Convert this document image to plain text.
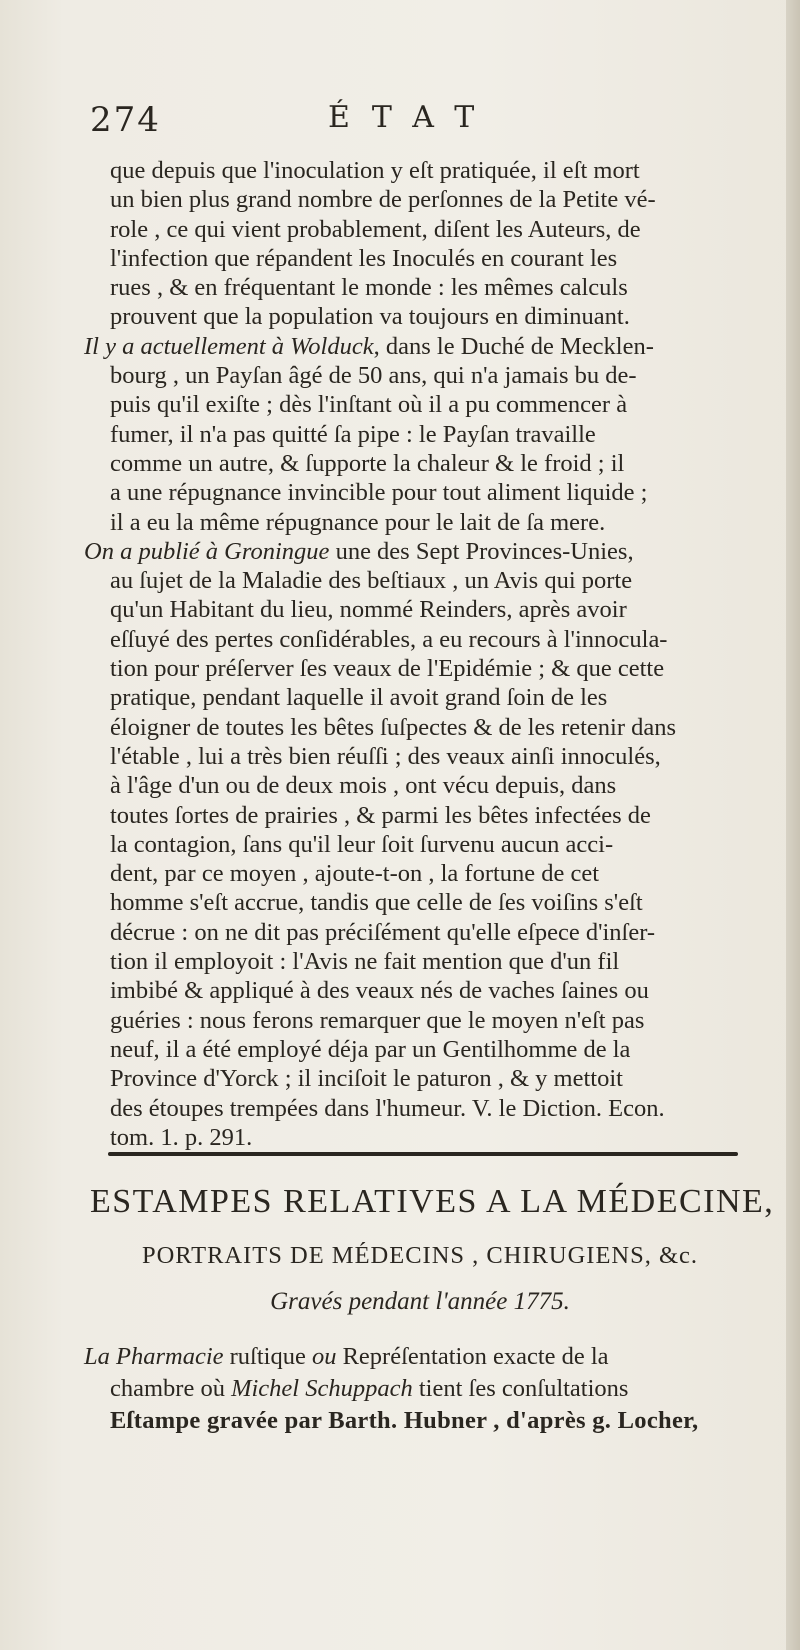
274	ÉTAT
que depuis que l'inoculation y eſt pratiquée, il eſt mort
un bien plus grand nombre de perſonnes de la Petite vé-
role , ce qui vient probablement, diſent les Auteurs, de
l'infection que répandent les Inoculés en courant les
rues , & en fréquentant le monde : les mêmes calculs
prouvent que la population va toujours en diminuant.
Il y a actuellement à Wolduck, dans le Duché de Mecklen-
bourg , un Payſan âgé de 50 ans, qui n'a jamais bu de-
puis qu'il exiſte ; dès l'inſtant où il a pu commencer à
fumer, il n'a pas quitté ſa pipe : le Payſan travaille
comme un autre, & ſupporte la chaleur & le froid ; il
a une répugnance invincible pour tout aliment liquide ;
il a eu la même répugnance pour le lait de ſa mere.
On a publié à Groningue une des Sept Provinces-Unies,
au ſujet de la Maladie des beſtiaux , un Avis qui porte
qu'un Habitant du lieu, nommé Reinders, après avoir
eſſuyé des pertes conſidérables, a eu recours à l'innocula-
tion pour préſerver ſes veaux de l'Epidémie ; & que cette
pratique, pendant laquelle il avoit grand ſoin de les
éloigner de toutes les bêtes ſuſpectes & de les retenir dans
l'étable , lui a très bien réuſſi ; des veaux ainſi innoculés,
à l'âge d'un ou de deux mois , ont vécu depuis, dans
toutes ſortes de prairies , & parmi les bêtes infectées de
la contagion, ſans qu'il leur ſoit ſurvenu aucun acci-
dent, par ce moyen , ajoute-t-on , la fortune de cet
homme s'eſt accrue, tandis que celle de ſes voiſins s'eſt
décrue : on ne dit pas préciſément qu'elle eſpece d'inſer-
tion il employoit : l'Avis ne fait mention que d'un fil
imbibé & appliqué à des veaux nés de vaches ſaines ou
guéries : nous ferons remarquer que le moyen n'eſt pas
neuf, il a été employé déja par un Gentilhomme de la
Province d'Yorck ; il inciſoit le paturon , & y mettoit
des étoupes trempées dans l'humeur. V. le Diction. Econ.
tom. 1. p. 291.

ESTAMPES RELATIVES A LA MÉDECINE,

PORTRAITS DE MÉDECINS , CHIRUGIENS, &c.

Gravés pendant l'année 1775.

La Pharmacie ruſtique ou Repréſentation exacte de la
chambre où Michel Schuppach tient ſes conſultations
Eſtampe gravée par Barth. Hubner , d'après g. Locher,
